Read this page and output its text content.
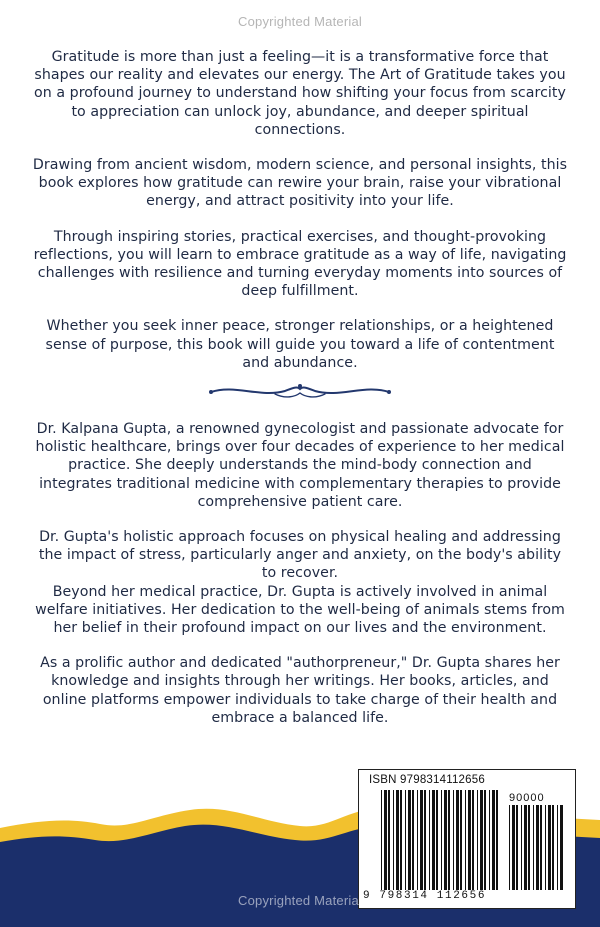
Copyrighted Material

Gratitude is more than just a feeling—it is a transformative force that shapes our reality and elevates our energy. The Art of Gratitude takes you on a profound journey to understand how shifting your focus from scarcity to appreciation can unlock joy, abundance, and deeper spiritual connections.

Drawing from ancient wisdom, modern science, and personal insights, this book explores how gratitude can rewire your brain, raise your vibrational energy, and attract positivity into your life.

Through inspiring stories, practical exercises, and thought-provoking reflections, you will learn to embrace gratitude as a way of life, navigating challenges with resilience and turning everyday moments into sources of deep fulfillment.

Whether you seek inner peace, stronger relationships, or a heightened sense of purpose, this book will guide you toward a life of contentment and abundance.

Dr. Kalpana Gupta, a renowned gynecologist and passionate advocate for holistic healthcare, brings over four decades of experience to her medical practice. She deeply understands the mind-body connection and integrates traditional medicine with complementary therapies to provide comprehensive patient care.

Dr. Gupta's holistic approach focuses on physical healing and addressing the impact of stress, particularly anger and anxiety, on the body's ability to recover.

Beyond her medical practice, Dr. Gupta is actively involved in animal welfare initiatives. Her dedication to the well-being of animals stems from her belief in their profound impact on our lives and the environment.

As a prolific author and dedicated "authorpreneur," Dr. Gupta shares her knowledge and insights through her writings. Her books, articles, and online platforms empower individuals to take charge of their health and embrace a balanced life.

ISBN 9798314112656
90000
9 798314 112656
Copyrighted Material
